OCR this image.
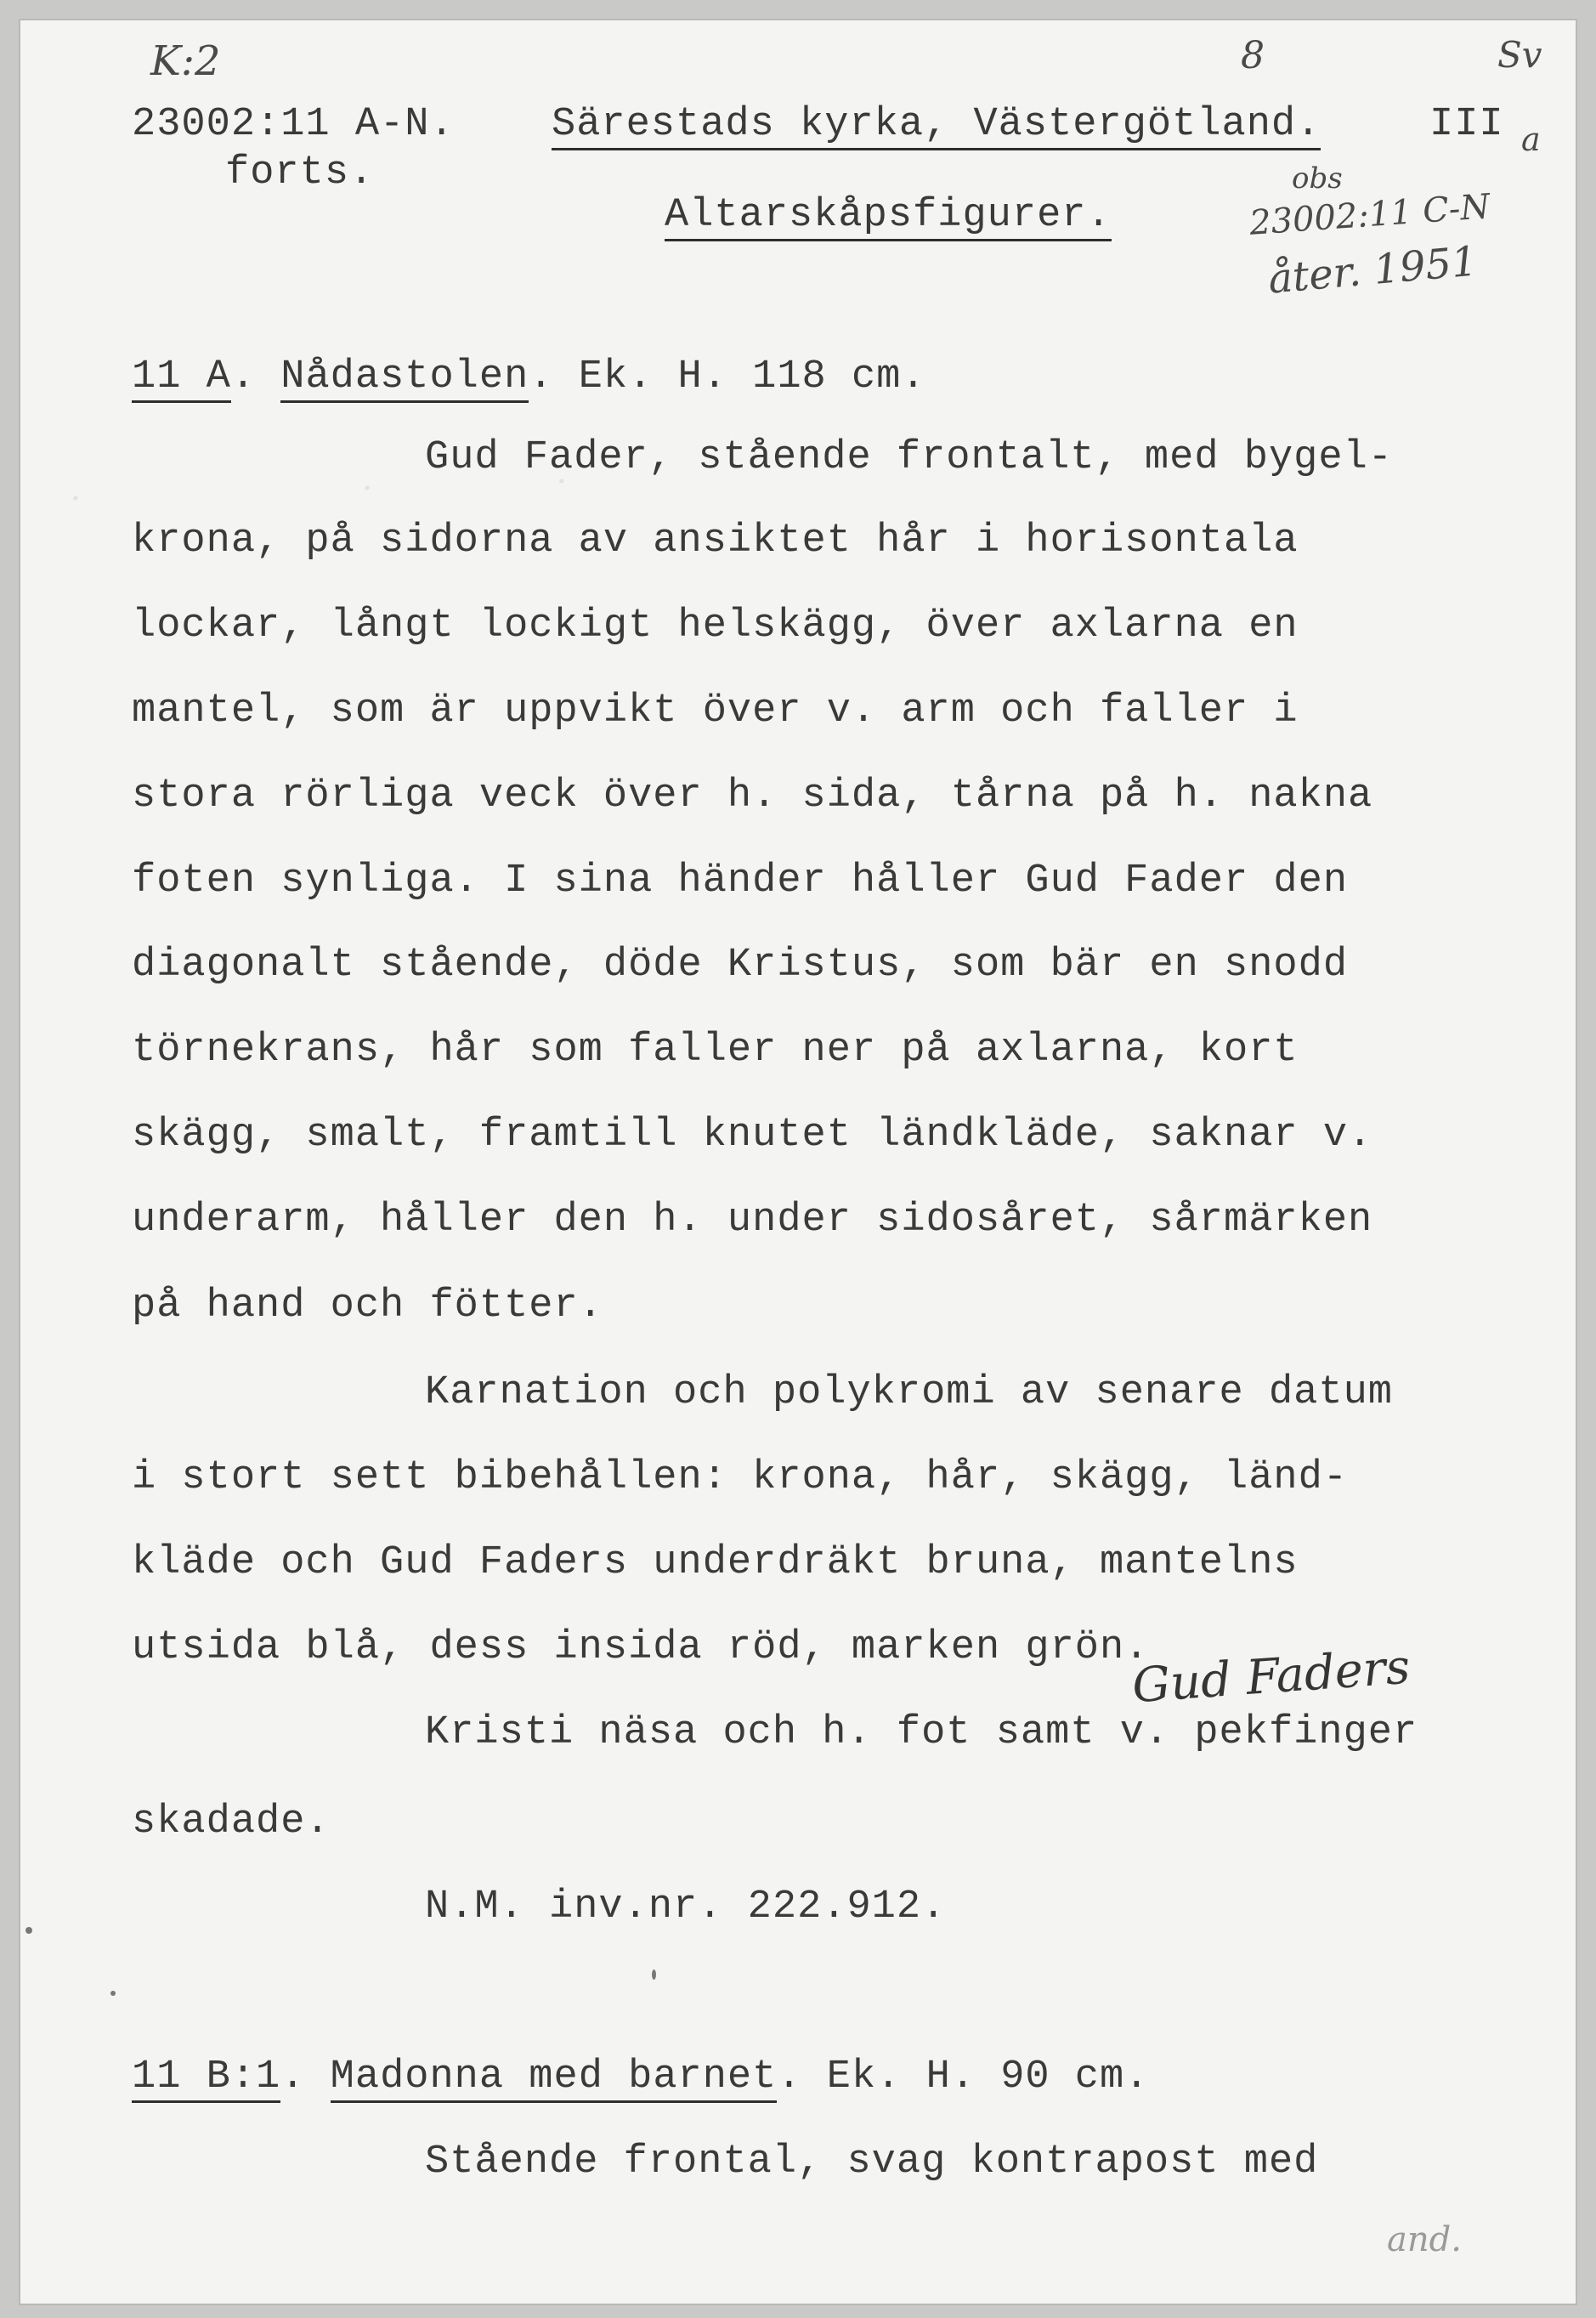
K:2	8	Sv
23002:11 A-N.
forts.
Särestads kyrka, Västergötland.	III a
Altarskåpsfigurer.
obs
23002:11 C-N
åter. 1951
.                          .                 .
11 A. Nådastolen. Ek. H. 118 cm.
Gud Fader, stående frontalt, med bygel-
krona, på sidorna av ansiktet hår i horisontala
lockar, långt lockigt helskägg, över axlarna en
mantel, som är uppvikt över v. arm och faller i
stora rörliga veck över h. sida, tårna på h. nakna
foten synliga. I sina händer håller Gud Fader den
diagonalt stående, döde Kristus, som bär en snodd
törnekrans, hår som faller ner på axlarna, kort
skägg, smalt, framtill knutet ländkläde, saknar v.
underarm, håller den h. under sidosåret, sårmärken
på hand och fötter.
Karnation och polykromi av senare datum
i stort sett bibehållen: krona, hår, skägg, länd-
kläde och Gud Faders underdräkt bruna, mantelns
utsida blå, dess insida röd, marken grön.
Gud Faders
Kristi näsa och h. fot samt v. pekfinger
skadade.
N.M. inv.nr. 222.912.
11 B:1. Madonna med barnet. Ek. H. 90 cm.
Stående frontal, svag kontrapost med
and.
